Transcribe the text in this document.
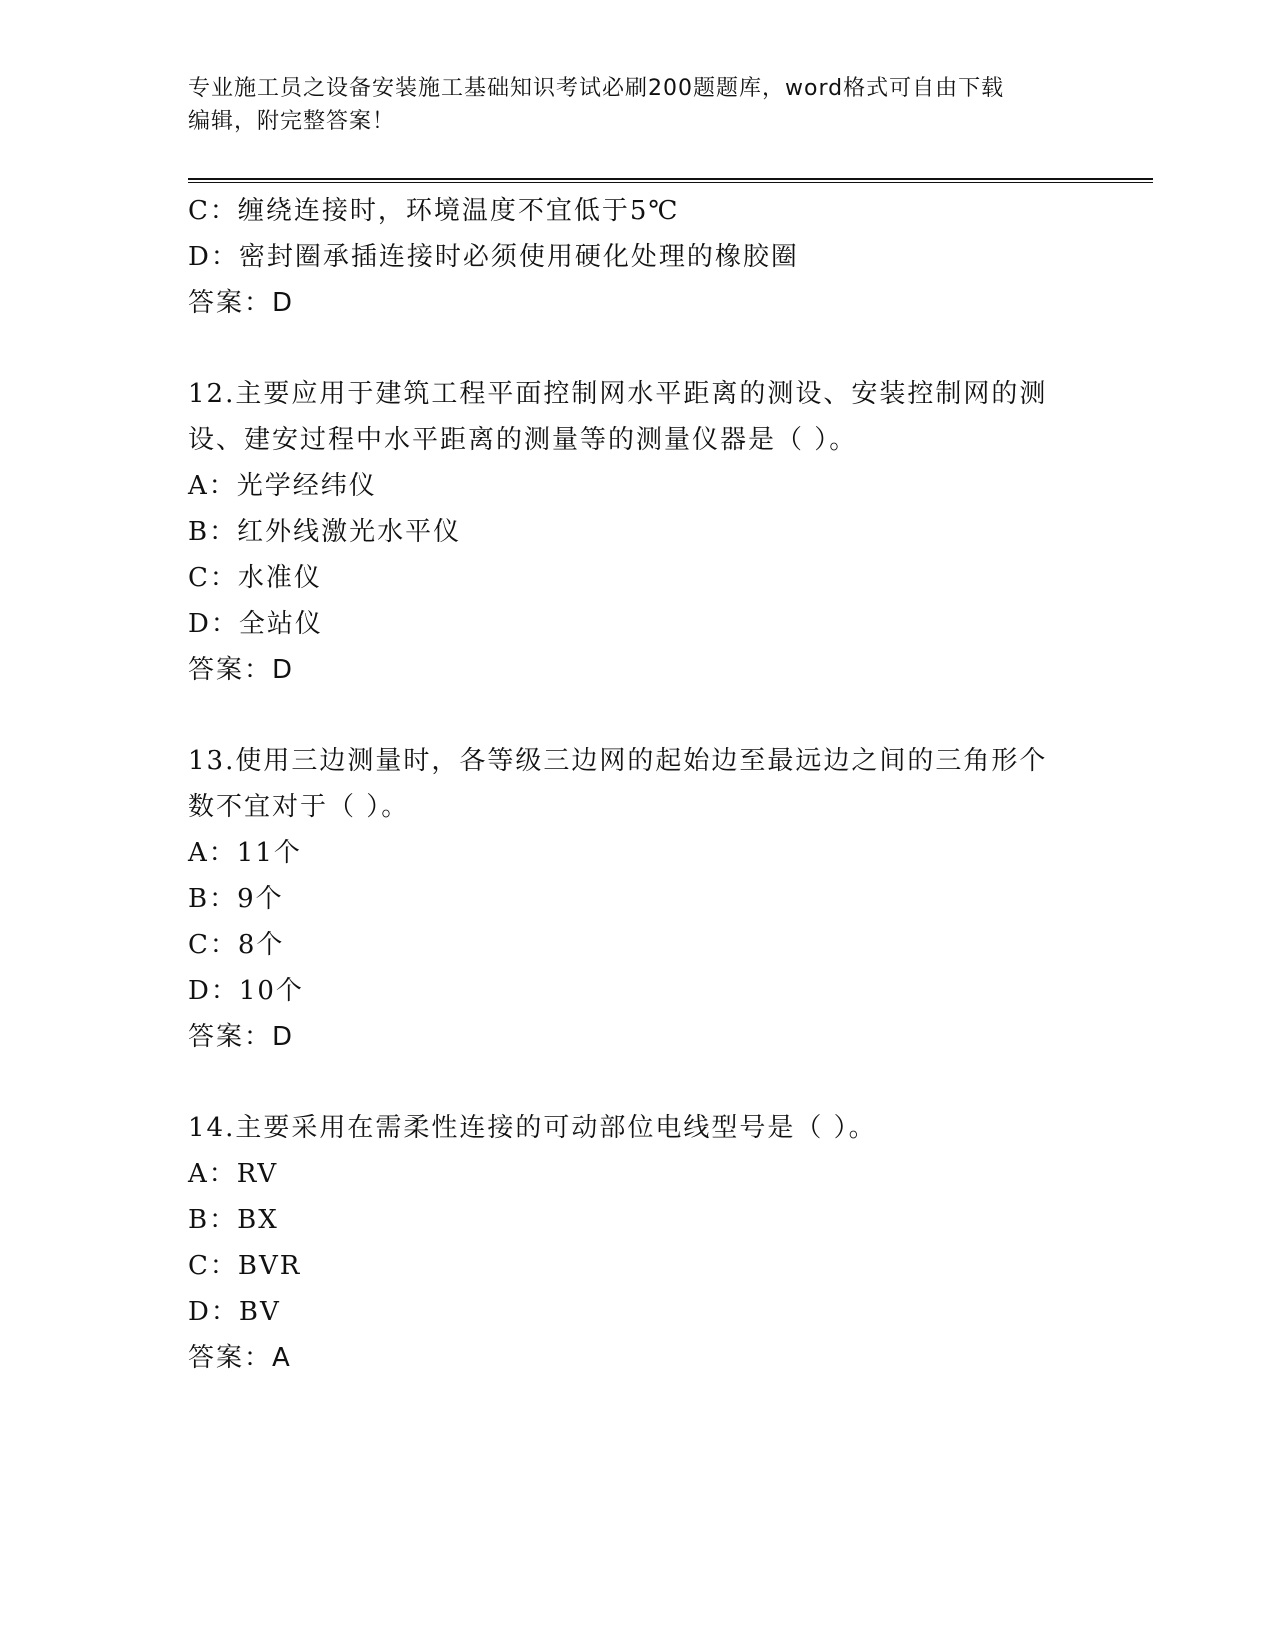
专业施工员之设备安装施工基础知识考试必刷200题题库，word格式可自由下载
编辑，附完整答案！
C：缠绕连接时，环境温度不宜低于5℃
D：密封圈承插连接时必须使用硬化处理的橡胶圈
答案：D
12.主要应用于建筑工程平面控制网水平距离的测设、安装控制网的测
设、建安过程中水平距离的测量等的测量仪器是（ ）。
A：光学经纬仪
B：红外线激光水平仪
C：水准仪
D：全站仪
答案：D
13.使用三边测量时，各等级三边网的起始边至最远边之间的三角形个
数不宜对于（ ）。
A：11个
B：9个
C：8个
D：10个
答案：D
14.主要采用在需柔性连接的可动部位电线型号是（ ）。
A：RV
B：BX
C：BVR
D：BV
答案：A
